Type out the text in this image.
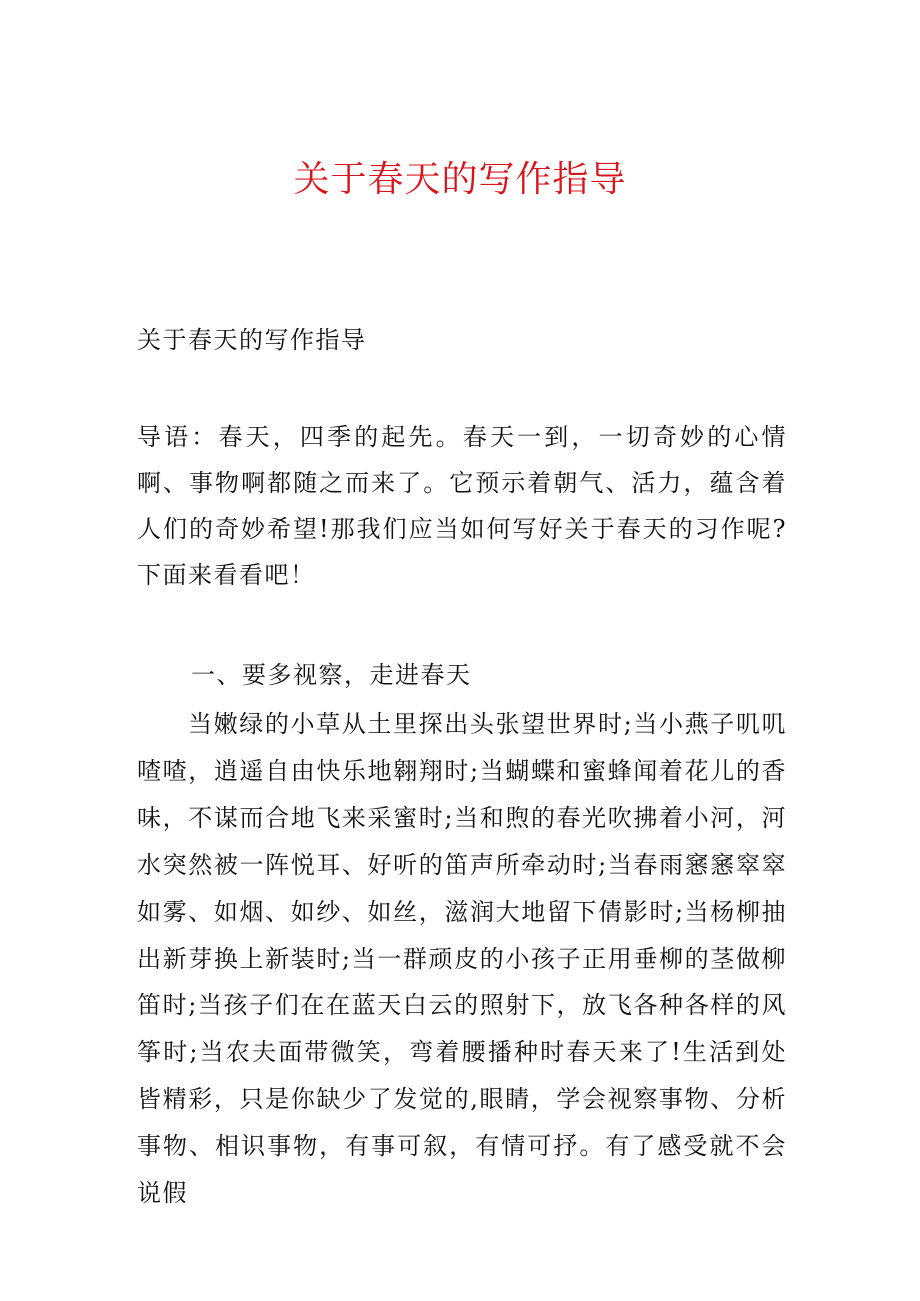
关于春天的写作指导

关于春天的写作指导

导语：春天，四季的起先。春天一到，一切奇妙的心情啊、事物啊都随之而来了。它预示着朝气、活力，蕴含着人们的奇妙希望!那我们应当如何写好关于春天的习作呢?下面来看看吧！

一、要多视察，走进春天

当嫩绿的小草从土里探出头张望世界时;当小燕子叽叽喳喳，逍遥自由快乐地翱翔时;当蝴蝶和蜜蜂闻着花儿的香味，不谋而合地飞来采蜜时;当和煦的春光吹拂着小河，河水突然被一阵悦耳、好听的笛声所牵动时;当春雨窸窸窣窣如雾、如烟、如纱、如丝，滋润大地留下倩影时;当杨柳抽出新芽换上新装时;当一群顽皮的小孩子正用垂柳的茎做柳笛时;当孩子们在在蓝天白云的照射下，放飞各种各样的风筝时;当农夫面带微笑，弯着腰播种时春天来了!生活到处皆精彩，只是你缺少了发觉的,眼睛，学会视察事物、分析事物、相识事物，有事可叙，有情可抒。有了感受就不会说假
